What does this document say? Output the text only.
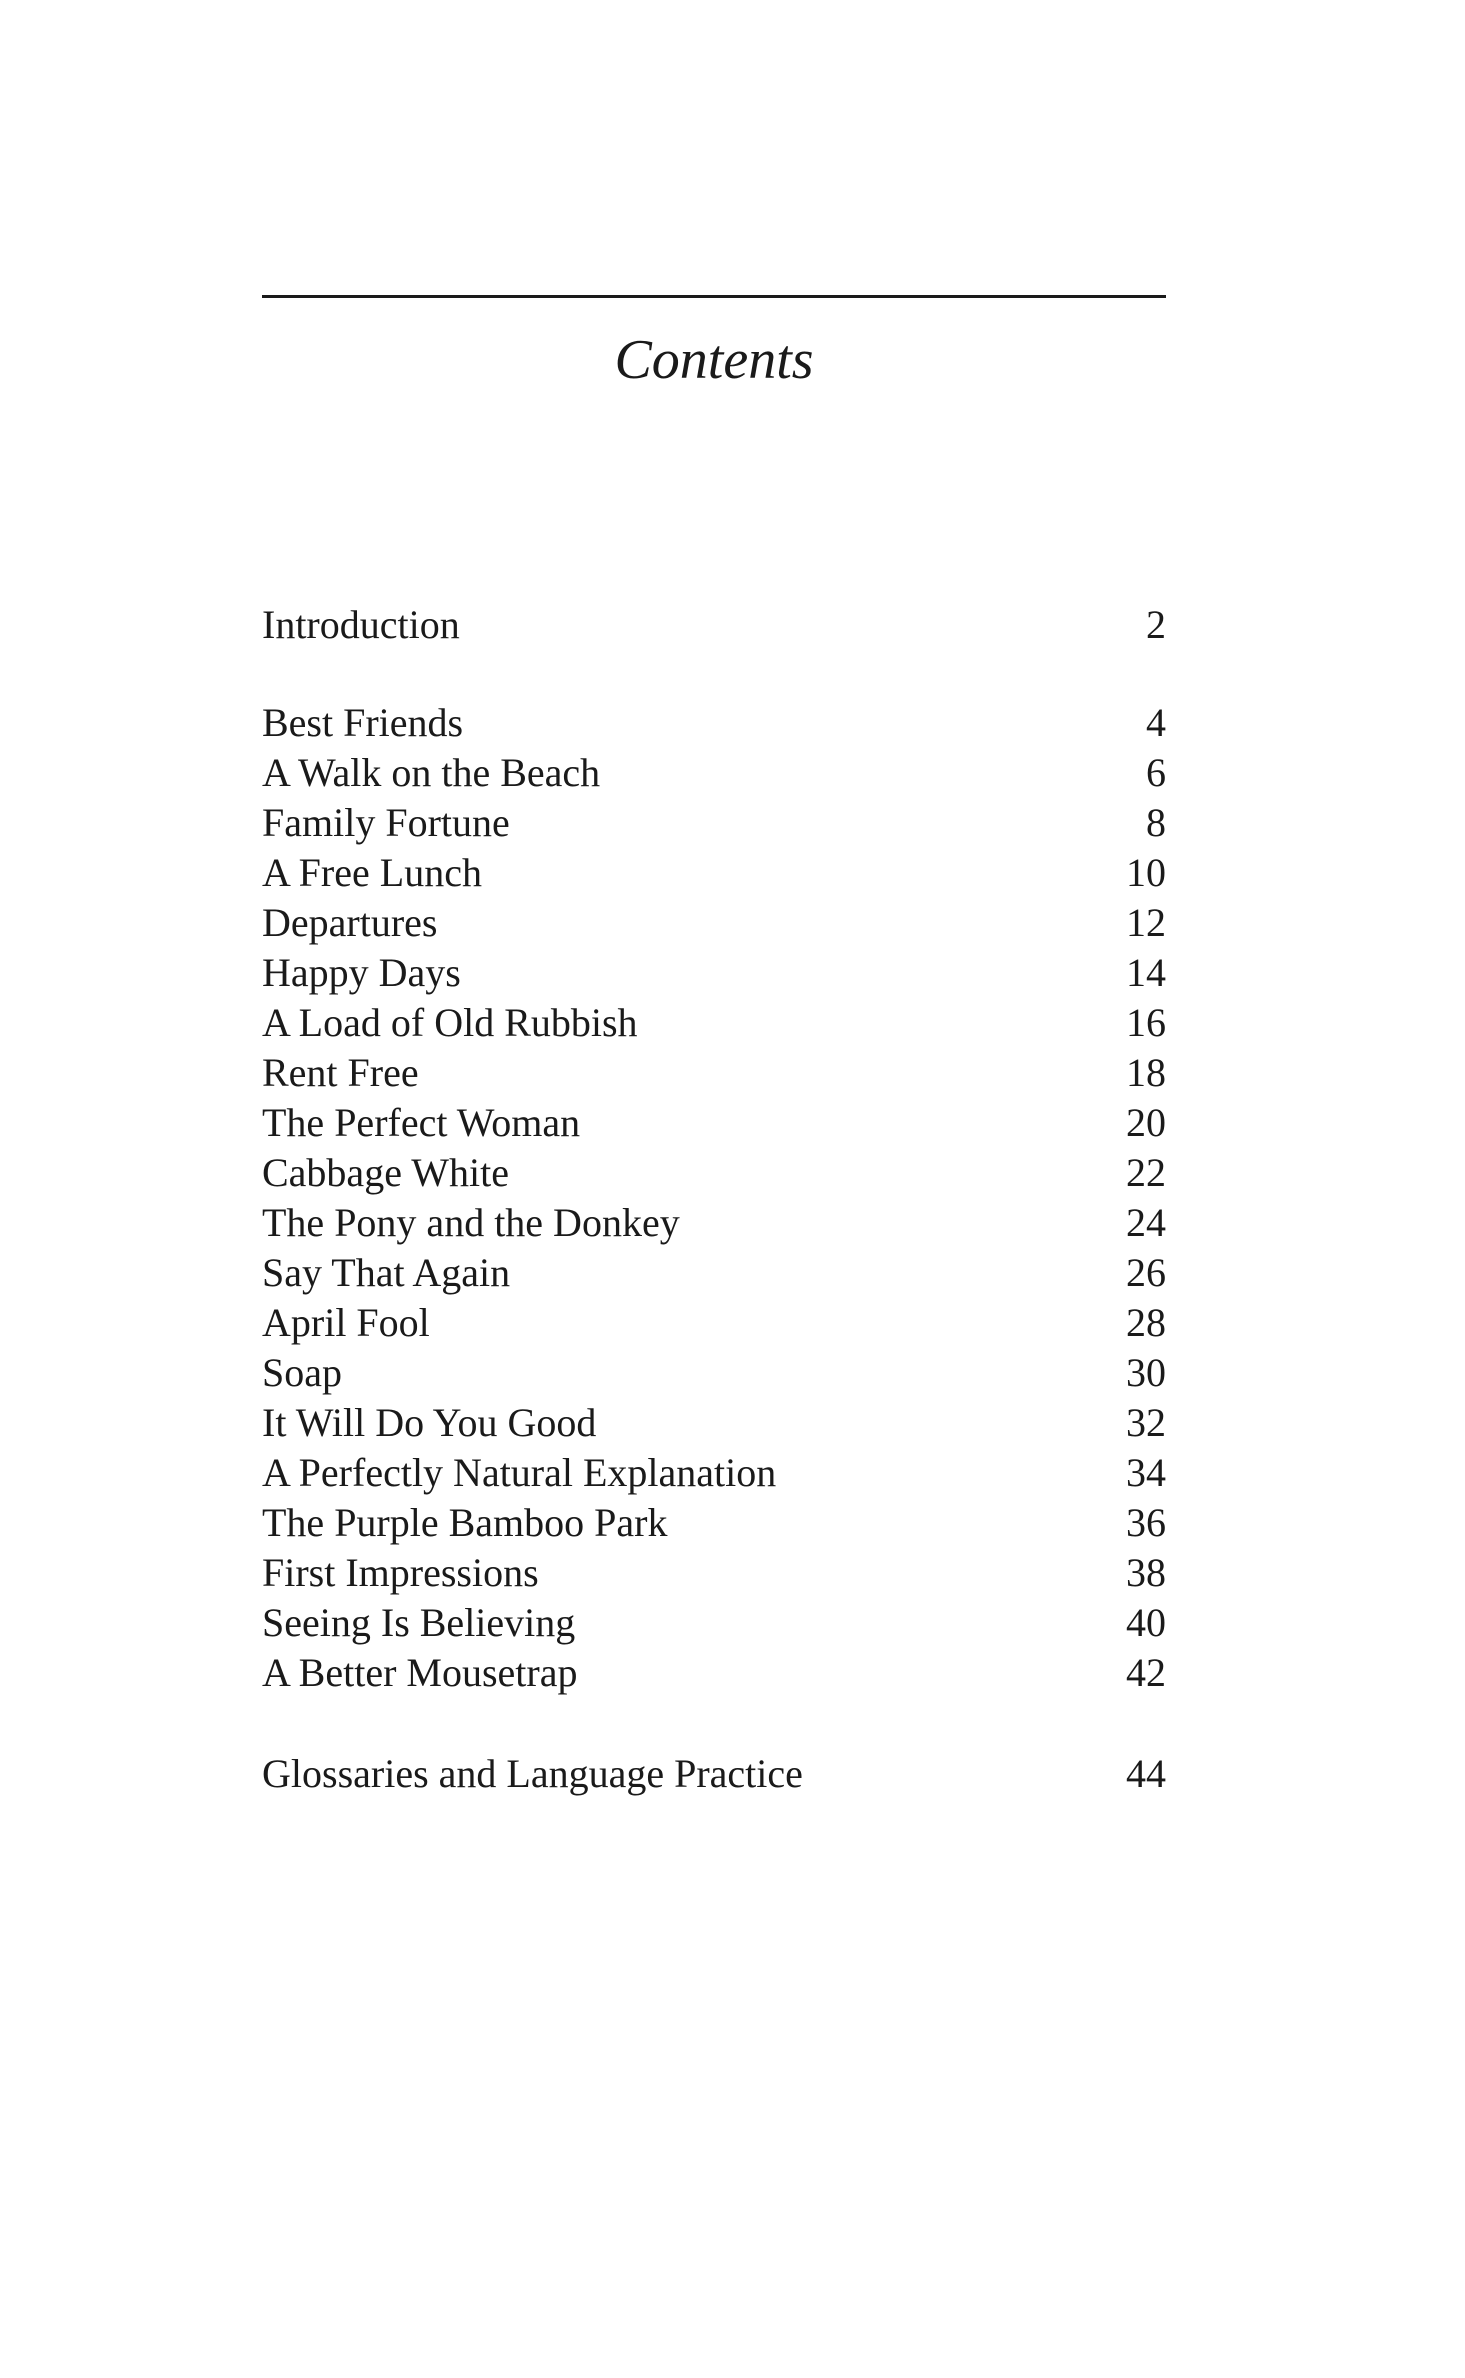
Contents
Introduction	2
Best Friends	4
A Walk on the Beach	6
Family Fortune	8
A Free Lunch	10
Departures	12
Happy Days	14
A Load of Old Rubbish	16
Rent Free	18
The Perfect Woman	20
Cabbage White	22
The Pony and the Donkey	24
Say That Again	26
April Fool	28
Soap	30
It Will Do You Good	32
A Perfectly Natural Explanation	34
The Purple Bamboo Park	36
First Impressions	38
Seeing Is Believing	40
A Better Mousetrap	42
Glossaries and Language Practice	44
